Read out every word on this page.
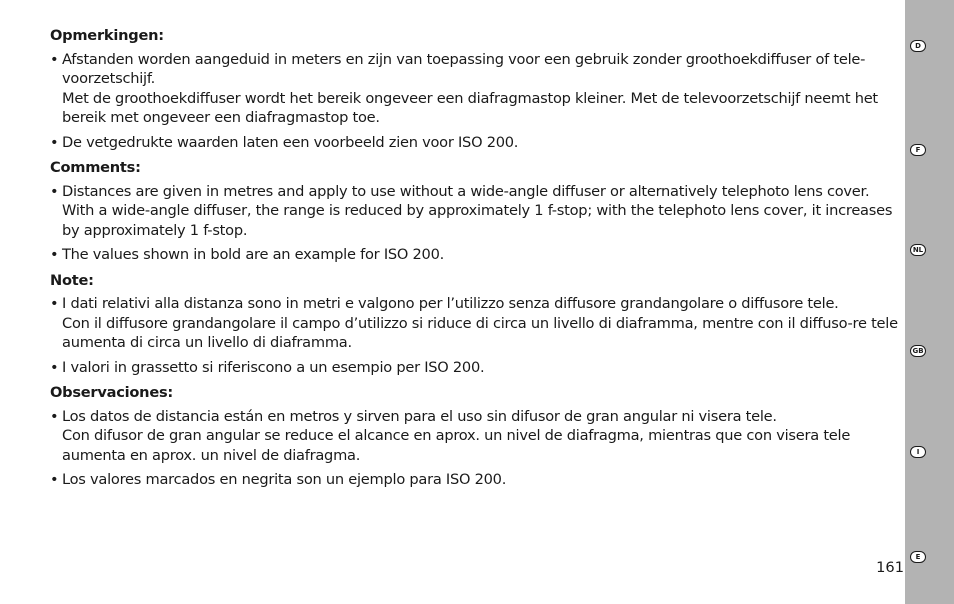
Opmerkingen:
• Afstanden worden aangeduid in meters en zijn van toepassing voor een gebruik zonder groothoekdiffuser of tele-voorzetschijf.
Met de groothoekdiffuser wordt het bereik ongeveer een diafragmastop kleiner. Met de televoorzetschijf neemt het bereik met ongeveer een diafragmastop toe.
• De vetgedrukte waarden laten een voorbeeld zien voor ISO 200.
Comments:
• Distances are given in metres and apply to use without a wide-angle diffuser or alternatively telephoto lens cover.
With a wide-angle diffuser, the range is reduced by approximately 1 f-stop; with the telephoto lens cover, it increases by approximately 1 f-stop.
• The values shown in bold are an example for ISO 200.
Note:
• I dati relativi alla distanza sono in metri e valgono per l’utilizzo senza diffusore grandangolare o diffusore tele.
Con il diffusore grandangolare il campo d’utilizzo si riduce di circa un livello di diaframma, mentre con il diffuso-re tele aumenta di circa un livello di diaframma.
• I valori in grassetto si riferiscono a un esempio per ISO 200.
Observaciones:
• Los datos de distancia están en metros y sirven para el uso sin difusor de gran angular ni visera tele.
Con difusor de gran angular se reduce el alcance en aprox. un nivel de diafragma, mientras que con visera tele aumenta en aprox. un nivel de diafragma.
• Los valores marcados en negrita son un ejemplo para ISO 200.
161
D
F
NL
GB
I
E
